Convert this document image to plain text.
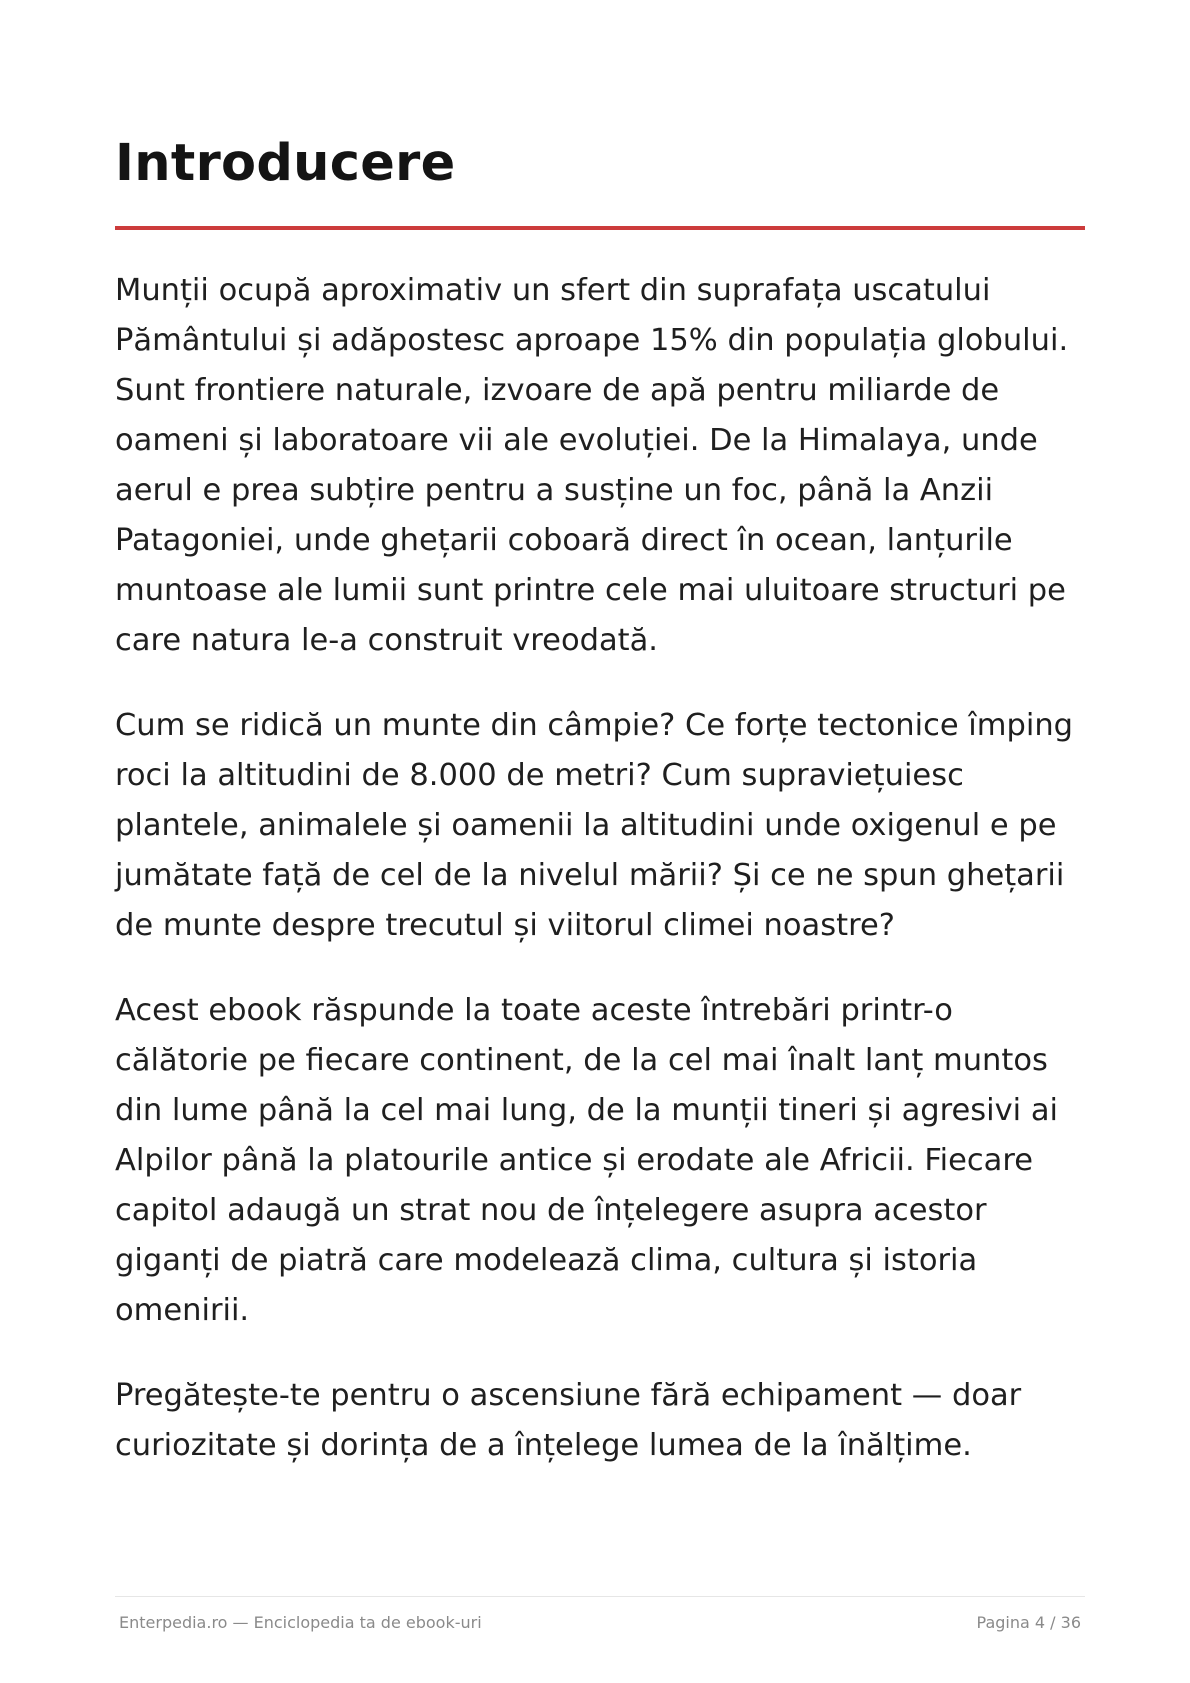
Introducere

Munții ocupă aproximativ un sfert din suprafața uscatului Pământului și adăpostesc aproape 15% din populația globului. Sunt frontiere naturale, izvoare de apă pentru miliarde de oameni și laboratoare vii ale evoluției. De la Himalaya, unde aerul e prea subțire pentru a susține un foc, până la Anzii Patagoniei, unde ghețarii coboară direct în ocean, lanțurile muntoase ale lumii sunt printre cele mai uluitoare structuri pe care natura le-a construit vreodată.

Cum se ridică un munte din câmpie? Ce forțe tectonice împing roci la altitudini de 8.000 de metri? Cum supraviețuiesc plantele, animalele și oamenii la altitudini unde oxigenul e pe jumătate față de cel de la nivelul mării? Și ce ne spun ghețarii de munte despre trecutul și viitorul climei noastre?

Acest ebook răspunde la toate aceste întrebări printr-o călătorie pe fiecare continent, de la cel mai înalt lanț muntos din lume până la cel mai lung, de la munții tineri și agresivi ai Alpilor până la platourile antice și erodate ale Africii. Fiecare capitol adaugă un strat nou de înțelegere asupra acestor giganți de piatră care modelează clima, cultura și istoria omenirii.

Pregătește-te pentru o ascensiune fără echipament — doar curiozitate și dorința de a înțelege lumea de la înălțime.

Enterpedia.ro — Enciclopedia ta de ebook-uri	Pagina 4 / 36
